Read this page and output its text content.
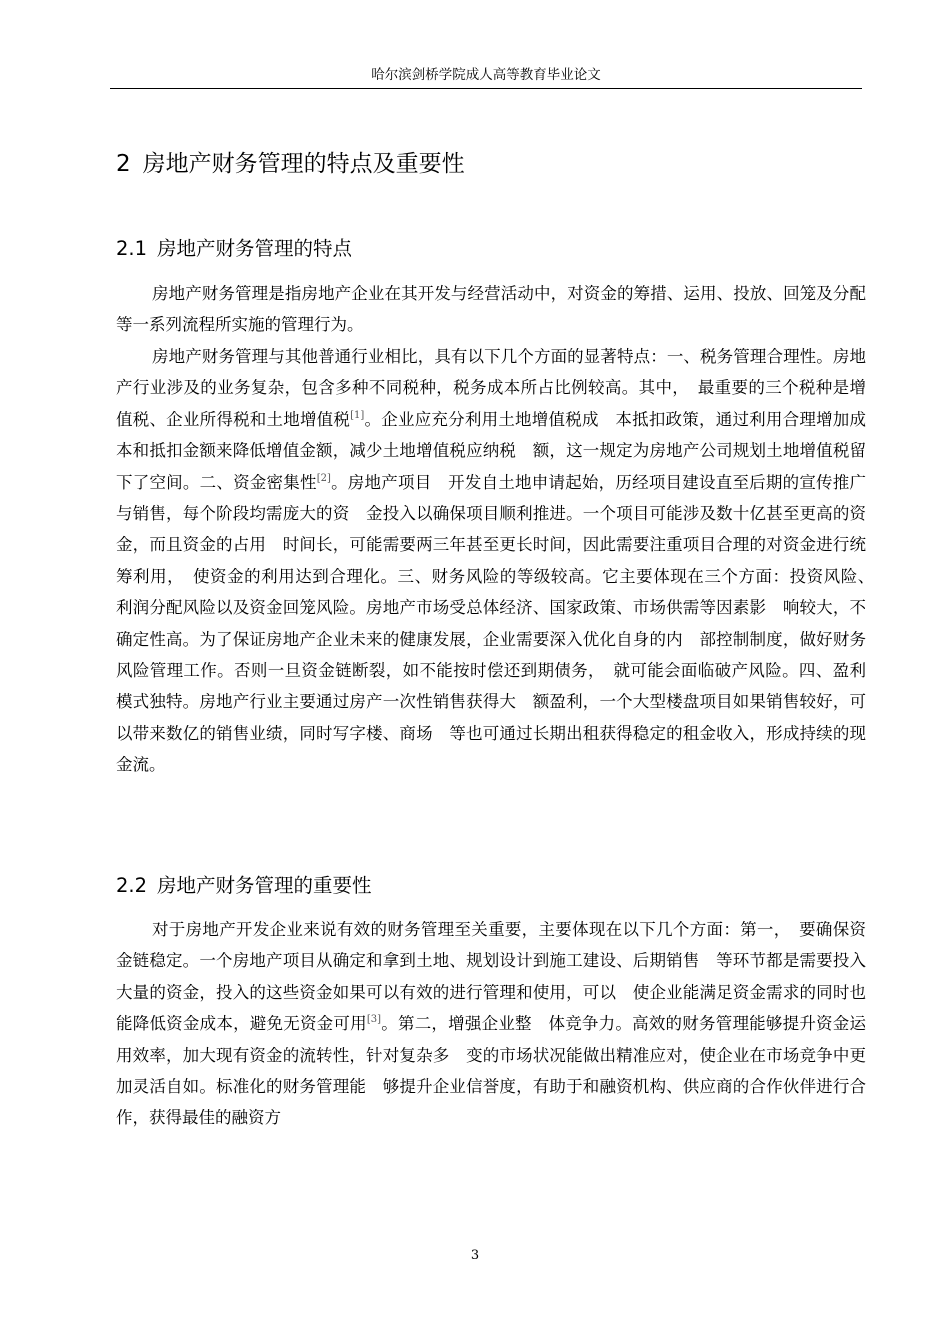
哈尔滨剑桥学院成人高等教育毕业论文
2 房地产财务管理的特点及重要性
2.1 房地产财务管理的特点
房地产财务管理是指房地产企业在其开发与经营活动中，对资金的筹措、运用、投放、回笼及分配等一系列流程所实施的管理行为。
房地产财务管理与其他普通行业相比，具有以下几个方面的显著特点：一、税务管理合理性。房地产行业涉及的业务复杂，包含多种不同税种，税务成本所占比例较高。其中，　最重要的三个税种是增值税、企业所得税和土地增值税[1]。企业应充分利用土地增值税成　本抵扣政策，通过利用合理增加成本和抵扣金额来降低增值金额，减少土地增值税应纳税　额，这一规定为房地产公司规划土地增值税留下了空间。二、资金密集性[2]。房地产项目　开发自土地申请起始，历经项目建设直至后期的宣传推广与销售，每个阶段均需庞大的资　金投入以确保项目顺利推进。一个项目可能涉及数十亿甚至更高的资金，而且资金的占用　时间长，可能需要两三年甚至更长时间，因此需要注重项目合理的对资金进行统筹利用，　使资金的利用达到合理化。三、财务风险的等级较高。它主要体现在三个方面：投资风险、　利润分配风险以及资金回笼风险。房地产市场受总体经济、国家政策、市场供需等因素影　响较大，不确定性高。为了保证房地产企业未来的健康发展，企业需要深入优化自身的内　部控制制度，做好财务风险管理工作。否则一旦资金链断裂，如不能按时偿还到期债务，　就可能会面临破产风险。四、盈利模式独特。房地产行业主要通过房产一次性销售获得大　额盈利，一个大型楼盘项目如果销售较好，可以带来数亿的销售业绩，同时写字楼、商场　等也可通过长期出租获得稳定的租金收入，形成持续的现金流。
2.2 房地产财务管理的重要性
对于房地产开发企业来说有效的财务管理至关重要，主要体现在以下几个方面：第一，　要确保资金链稳定。一个房地产项目从确定和拿到土地、规划设计到施工建设、后期销售　等环节都是需要投入大量的资金，投入的这些资金如果可以有效的进行管理和使用，可以　使企业能满足资金需求的同时也能降低资金成本，避免无资金可用[3]。第二，增强企业整　体竞争力。高效的财务管理能够提升资金运用效率，加大现有资金的流转性，针对复杂多　变的市场状况能做出精准应对，使企业在市场竞争中更加灵活自如。标准化的财务管理能　够提升企业信誉度，有助于和融资机构、供应商的合作伙伴进行合作，获得最佳的融资方
3
